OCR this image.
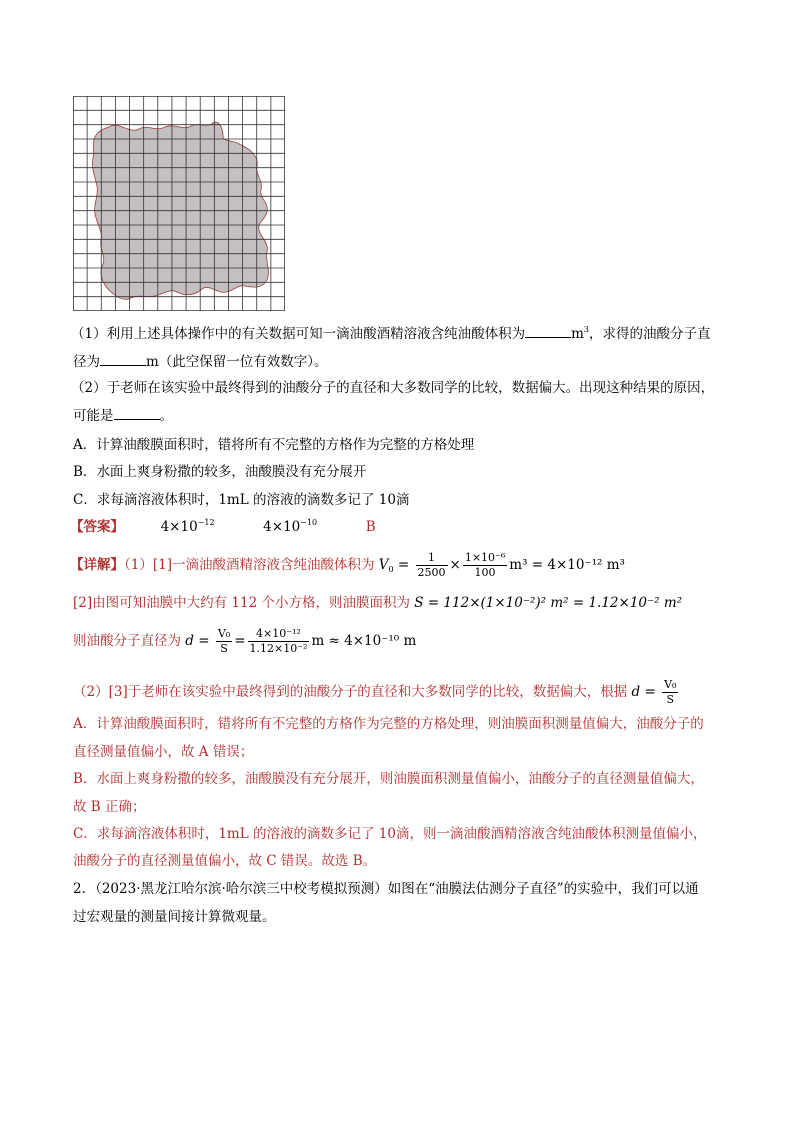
（1）利用上述具体操作中的有关数据可知一滴油酸酒精溶液含纯油酸体积为	$m^3$，求得的油酸分子直
径为	m（此空保留一位有效数字）。
（2）于老师在该实验中最终得到的油酸分子的直径和大多数同学的比较，数据偏大。出现这种结果的原因，
可能是	。
A．计算油酸膜面积时，错将所有不完整的方格作为完整的方格处理
B．水面上爽身粉撒的较多，油酸膜没有充分展开
C．求每滴溶液体积时，1mL 的溶液的滴数多记了 10滴
【答案】	$4\times 10^{-12}$	$4\times 10^{-10}$	B
【详解】（1）[1]一滴油酸酒精溶液含纯油酸体积为 $V_0 = \frac{1}{2500} \times \frac{\text{1×10⁻⁶}}{100} m^3 = 4\times 10^{-12}$ m³
[2]由图可知油膜中大约有 112 个小方格，则油膜面积为 S = 112×(1×10⁻²)² m² = 1.12×10⁻² m²
则油酸分子直径为 $d = \frac{\text{V₀}}{S} = \frac{\text{4×10⁻¹²}}{\text{1.12×10⁻²}}$ m ≈ 4×10⁻¹⁰ m
（2）[3]于老师在该实验中最终得到的油酸分子的直径和大多数同学的比较，数据偏大，根据 $d = \frac{\text{V₀}}{S}$
A．计算油酸膜面积时，错将所有不完整的方格作为完整的方格处理，则油膜面积测量值偏大，油酸分子的
直径测量值偏小，故 A 错误；
B．水面上爽身粉撒的较多，油酸膜没有充分展开，则油膜面积测量值偏小，油酸分子的直径测量值偏大，
故 B 正确；
C．求每滴溶液体积时，1mL 的溶液的滴数多记了 10滴，则一滴油酸酒精溶液含纯油酸体积测量值偏小，
油酸分子的直径测量值偏小，故 C 错误。故选 B。
2．（2023·黑龙江哈尔滨·哈尔滨三中校考模拟预测）如图在“油膜法估测分子直径”的实验中，我们可以通
过宏观量的测量间接计算微观量。
